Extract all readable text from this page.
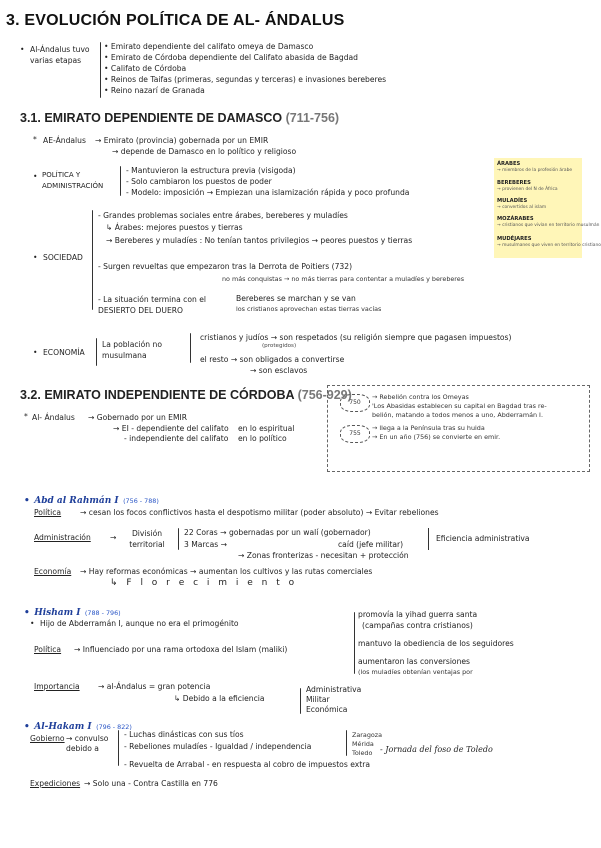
3. EVOLUCIÓN POLÍTICA DE AL- ÁNDALUS
• Al-Ándalus tuvo varias etapas
• Emirato dependiente del califato omeya de Damasco
• Emirato de Córdoba dependiente del Califato abasida de Bagdad
• Califato de Córdoba
• Reinos de Taifas (primeras, segundas y terceras) e invasiones bereberes
• Reino nazarí de Granada
3.1. EMIRATO DEPENDIENTE DE DAMASCO (711-756)
* AE-Ándalus → Emirato (provincia) gobernada por un EMIR
→ depende de Damasco en lo político y religioso
• POLÍTICA Y ADMINISTRACIÓN
- Mantuvieron la estructura previa (visigoda)
- Solo cambiaron los puestos de poder
- Modelo: imposición → Empiezan una islamización rápida y poco profunda
• SOCIEDAD
- Grandes problemas sociales entre árabes, bereberes y muladíes
↳ Árabes: mejores puestos y tierras
→ Bereberes y muladíes : No tenían tantos privilegios → peores puestos y tierras
- Surgen revueltas que empezaron tras la Derrota de Poitiers (732)
no más conquistas → no más tierras para contentar a muladíes y bereberes
- La situación termina con el DESIERTO DEL DUERO
Bereberes se marchan y se van
los cristianos aprovechan estas tierras vacías
• ECONOMÍA
La población no musulmana
cristianos y judíos → son respetados (su religión siempre que pagasen impuestos)
(protegidos)
el resto → son obligados a convertirse
→ son esclavos
ÁRABES
→ miembros de la profesión árabe
BEREBERES
→ provienen del N de África
MULADÍES
→ convertidos al islam
MOZÁRABES
→ cristianos que vivían en territorio musulmán
MUDÉJARES
→ musulmanes que viven en territorio cristiano
3.2. EMIRATO INDEPENDIENTE DE CÓRDOBA (756-929)
* Al- Ándalus → Gobernado por un EMIR
→ EI - dependiente del califato
- independiente del califato
en lo espiritual
en lo político
750
→ Rebelión contra los Omeyas
'Los Abasidas establecen su capital en Bagdad tras re-
belión, matando a todos menos a uno, Abderramán I.
755
→ llega a la Península tras su huida
→ En un año (756) se convierte en emir.
• Abd al Rahmán I (756 - 788)
Política → cesan los focos conflictivos hasta el despotismo militar (poder absoluto) → Evitar rebeliones
Administración	→	División territorial
22 Coras → gobernadas por un walí (gobernador)
3 Marcas →	caíd (jefe militar)
→ Zonas fronterizas - necesitan + protección
Eficiencia administrativa
Economía → Hay reformas económicas → aumentan los cultivos y las rutas comerciales
↳ F l o r e c i m i e n t o
• Hisham I (788 - 796)
• Hijo de Abderramán I, aunque no era el primogénito
Política → Influenciado por una rama ortodoxa del Islam (maliki)
promovía la yihad guerra santa
(campañas contra cristianos)
mantuvo la obediencia de los seguidores
aumentaron las conversiones
(los muladíes obtenían ventajas por
Importancia → al-Ándalus = gran potencia
↳ Debido a la eficiencia
Administrativa
Militar
Económica
• Al-Hakam I (796 - 822)
Gobierno → convulso debido a
- Luchas dinásticas con sus tíos
- Rebeliones muladíes - Igualdad / independencia
- Revuelta de Arrabal - en respuesta al cobro de impuestos extra
Zaragoza
Mérida
Toledo - Jornada del foso de Toledo
Expediciones → Solo una - Contra Castilla en 776
